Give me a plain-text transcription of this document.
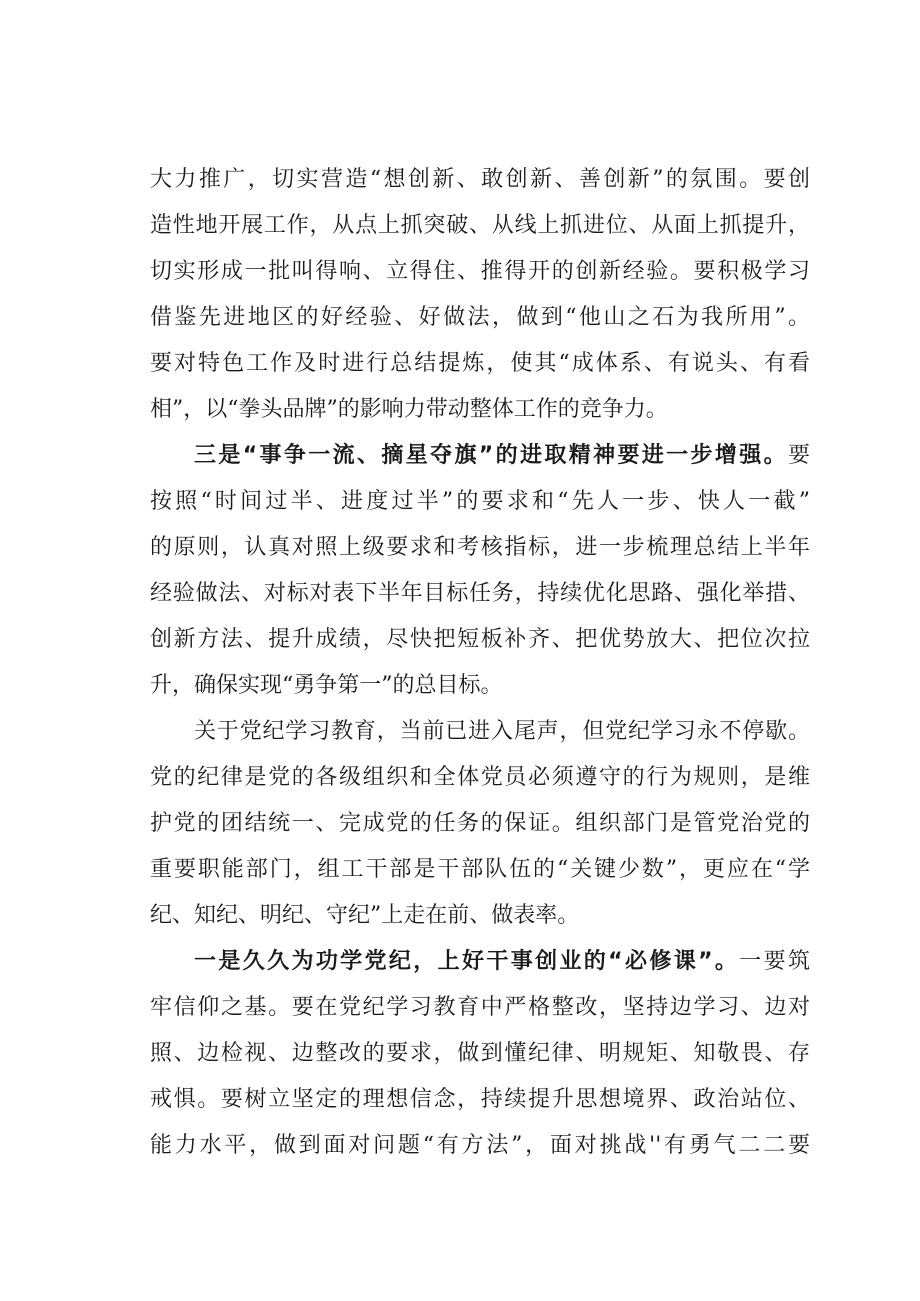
大力推广，切实营造“想创新、敢创新、善创新”的氛围。要创
造性地开展工作，从点上抓突破、从线上抓进位、从面上抓提升，
切实形成一批叫得响、立得住、推得开的创新经验。要积极学习
借鉴先进地区的好经验、好做法，做到“他山之石为我所用”。
要对特色工作及时进行总结提炼，使其“成体系、有说头、有看
相”，以“拳头品牌”的影响力带动整体工作的竞争力。
三是“事争一流、摘星夺旗”的进取精神要进一步增强。要
按照“时间过半、进度过半”的要求和“先人一步、快人一截”
的原则，认真对照上级要求和考核指标，进一步梳理总结上半年
经验做法、对标对表下半年目标任务，持续优化思路、强化举措、
创新方法、提升成绩，尽快把短板补齐、把优势放大、把位次拉
升，确保实现“勇争第一”的总目标。
关于党纪学习教育，当前已进入尾声，但党纪学习永不停歇。
党的纪律是党的各级组织和全体党员必须遵守的行为规则，是维
护党的团结统一、完成党的任务的保证。组织部门是管党治党的
重要职能部门，组工干部是干部队伍的“关键少数”，更应在“学
纪、知纪、明纪、守纪”上走在前、做表率。
一是久久为功学党纪，上好干事创业的“必修课”。一要筑
牢信仰之基。要在党纪学习教育中严格整改，坚持边学习、边对
照、边检视、边整改的要求，做到懂纪律、明规矩、知敬畏、存
戒惧。要树立坚定的理想信念，持续提升思想境界、政治站位、
能力水平，做到面对问题“有方法”，面对挑战''有勇气二二要
